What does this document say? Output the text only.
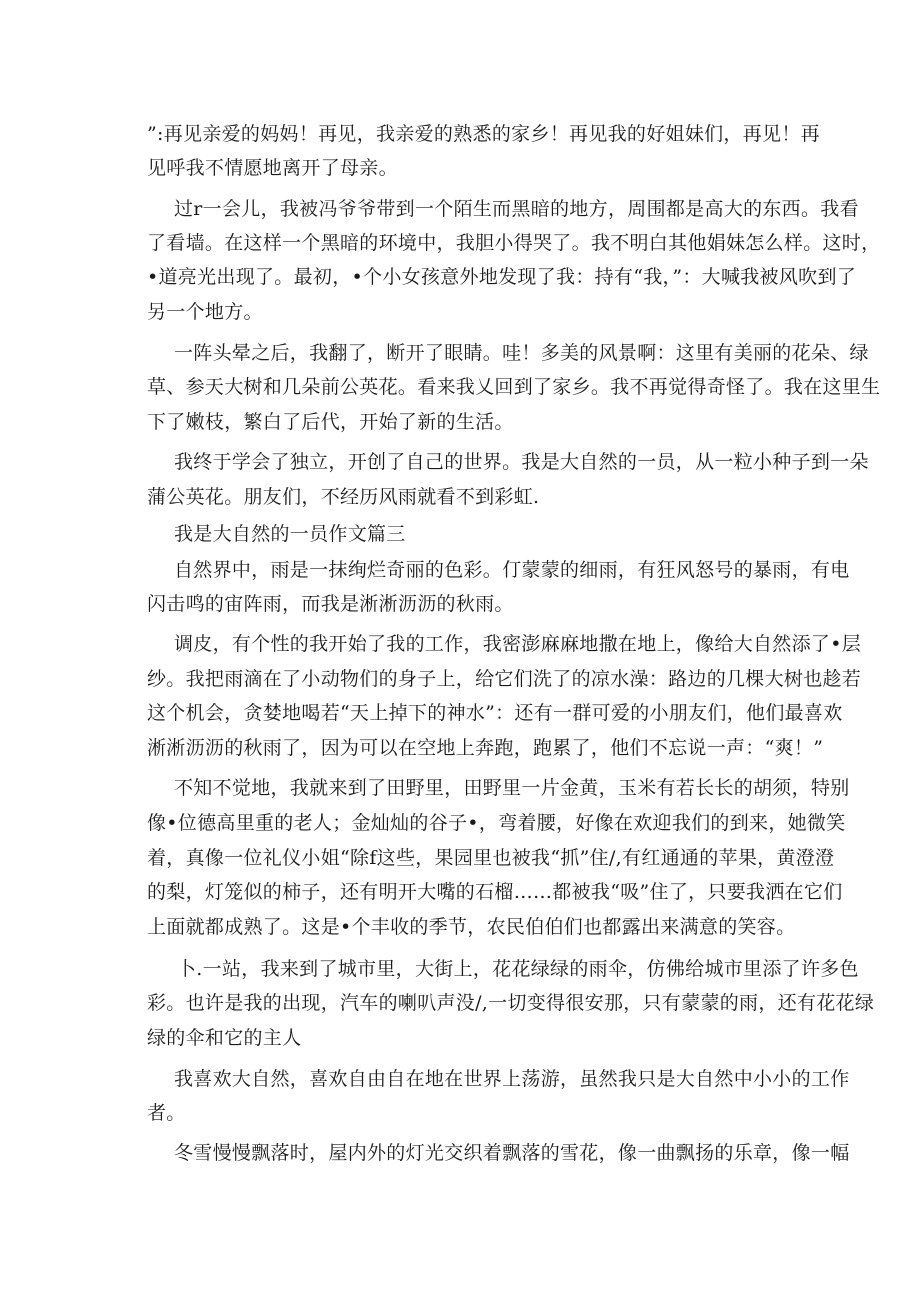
”:再见亲爱的妈妈！再见，我亲爱的熟悉的家乡！再见我的好姐妹们，再见！再
见呼我不情愿地离开了母亲。
过r一会儿，我被冯爷爷带到一个陌生而黑暗的地方，周围都是高大的东西。我看
了看墙。在这样一个黑暗的环境中，我胆小得哭了。我不明白其他娟妹怎么样。这时，
•道亮光出现了。最初，•个小女孩意外地发现了我：持有“我，”：大喊我被风吹到了
另一个地方。
一阵头晕之后，我翻了，断开了眼睛。哇！多美的风景啊：这里有美丽的花朵、绿
草、参天大树和几朵前公英花。看来我乂回到了家乡。我不再觉得奇怪了。我在这里生
下了嫩枝，繁白了后代，开始了新的生活。
我终于学会了独立，开创了自己的世界。我是大自然的一员，从一粒小种子到一朵
蒲公英花。朋友们，不经历风雨就看不到彩虹.
我是大自然的一员作文篇三
自然界中，雨是一抹绚烂奇丽的色彩。仃蒙蒙的细雨，有狂风怒号的暴雨，有电
闪击鸣的宙阵雨，而我是淅淅沥沥的秋雨。
调皮，有个性的我开始了我的工作，我密澎麻麻地撒在地上，像给大自然添了•层
纱。我把雨滴在了小动物们的身子上，给它们洗了的凉水澡：路边的几棵大树也趁若
这个机会，贪婪地喝若“天上掉下的神水”：还有一群可爱的小朋友们，他们最喜欢
淅淅沥沥的秋雨了，因为可以在空地上奔跑，跑累了，他们不忘说一声：“爽！”
不知不觉地，我就来到了田野里，田野里一片金黄，玉米有若长长的胡须，特别
像•位德高里重的老人；金灿灿的谷子•，弯着腰，好像在欢迎我们的到来，她微笑
着，真像一位礼仪小姐“除f这些，果园里也被我“抓”住/,有红通通的苹果，黄澄澄
的梨，灯笼似的柿子，还有明开大嘴的石榴……都被我“吸”住了，只要我洒在它们
上面就都成熟了。这是•个丰收的季节，农民伯伯们也都露出来满意的笑容。
卜.一站，我来到了城市里，大街上，花花绿绿的雨伞，仿佛给城市里添了许多色
彩。也许是我的出现，汽车的喇叭声没/,一切变得很安那，只有蒙蒙的雨，还有花花绿
绿的伞和它的主人
我喜欢大自然，喜欢自由自在地在世界上荡游，虽然我只是大自然中小小的工作
者。
冬雪慢慢飘落时，屋内外的灯光交织着飘落的雪花，像一曲飘扬的乐章，像一幅
